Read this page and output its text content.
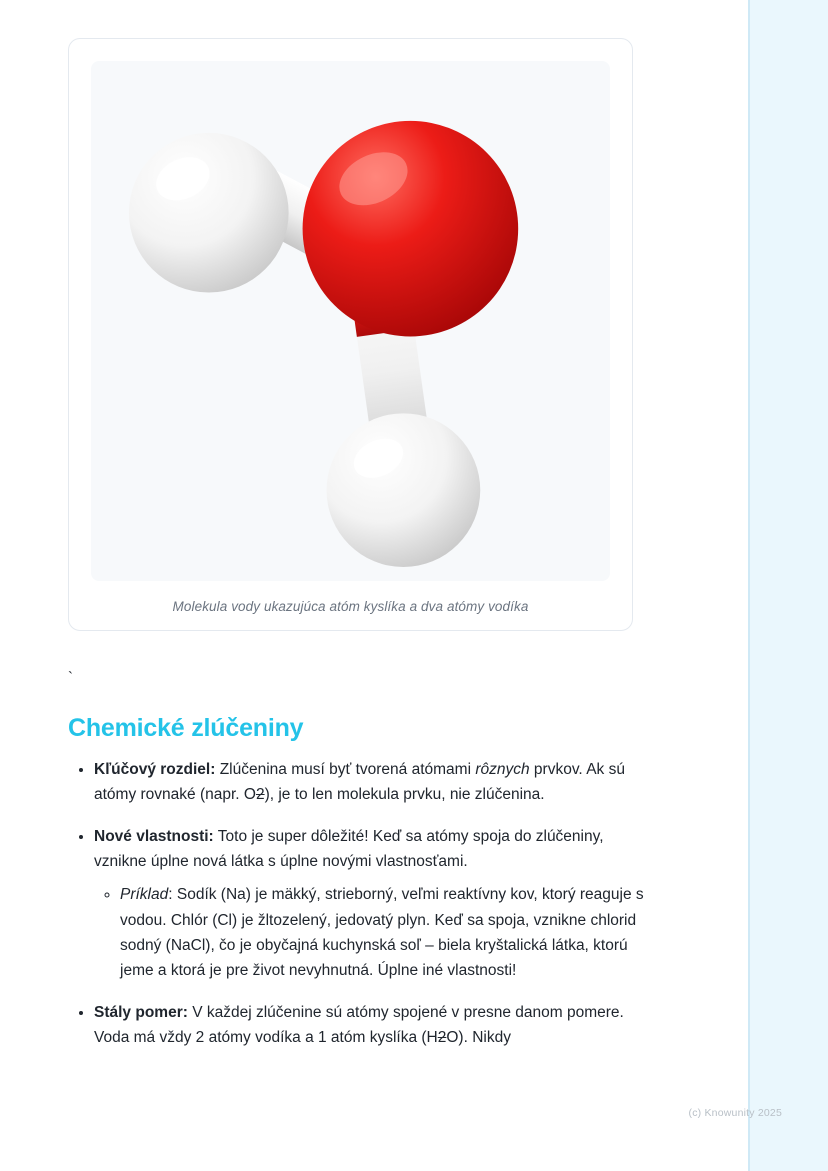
Molekula vody ukazujúca atóm kyslíka a dva atómy vodíka
`
Chemické zlúčeniny
• Kľúčový rozdiel: Zlúčenina musí byť tvorená atómami rôznych prvkov. Ak sú atómy rovnaké (napr. O2), je to len molekula prvku, nie zlúčenina.
• Nové vlastnosti: Toto je super dôležité! Keď sa atómy spoja do zlúčeniny, vznikne úplne nová látka s úplne novými vlastnosťami.
◦ Príklad: Sodík (Na) je mäkký, strieborný, veľmi reaktívny kov, ktorý reaguje s vodou. Chlór (Cl) je žltozelený, jedovatý plyn. Keď sa spoja, vznikne chlorid sodný (NaCl), čo je obyčajná kuchynská soľ – biela kryštalická látka, ktorú jeme a ktorá je pre život nevyhnutná. Úplne iné vlastnosti!
• Stály pomer: V každej zlúčenine sú atómy spojené v presne danom pomere. Voda má vždy 2 atómy vodíka a 1 atóm kyslíka (H2O). Nikdy
(c) Knowunity 2025
